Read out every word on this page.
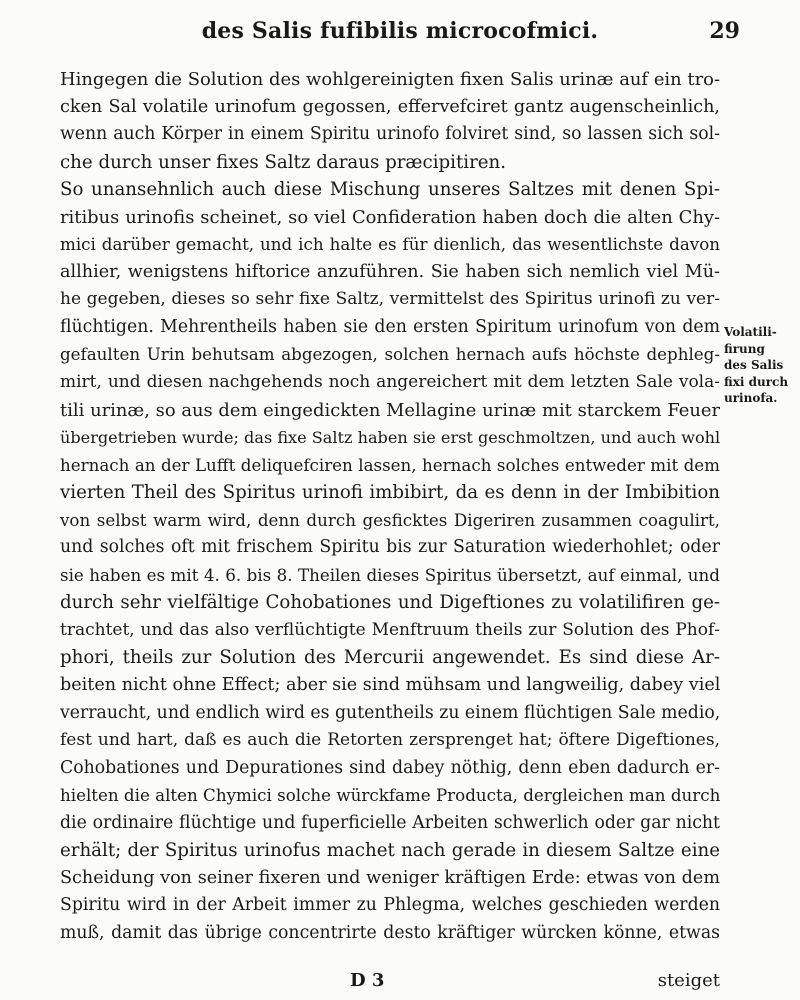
des Salis fufibilis microcofmici.	29
Hingegen die Solution des wohlgereinigten fixen Salis urinæ auf ein tro‑
cken Sal volatile urinofum gegossen, effervefciret gantz augenscheinlich,
wenn auch Körper in einem Spiritu urinofo folviret sind, so lassen sich sol‑
che durch unser fixes Saltz daraus præcipitiren.
So unansehnlich auch diese Mischung unseres Saltzes mit denen Spi‑
ritibus urinofis scheinet, so viel Confideration haben doch die alten Chy‑
mici darüber gemacht, und ich halte es für dienlich, das wesentlichste davon
allhier, wenigstens hiftorice anzuführen. Sie haben sich nemlich viel Mü‑
he gegeben, dieses so sehr fixe Saltz, vermittelst des Spiritus urinofi zu ver‑
flüchtigen. Mehrentheils haben sie den ersten Spiritum urinofum von dem
gefaulten Urin behutsam abgezogen, solchen hernach aufs höchste dephleg‑
mirt, und diesen nachgehends noch angereichert mit dem letzten Sale vola‑
tili urinæ, so aus dem eingedickten Mellagine urinæ mit starckem Feuer
übergetrieben wurde; das fixe Saltz haben sie erst geschmoltzen, und auch wohl
hernach an der Lufft deliquefciren lassen, hernach solches entweder mit dem
vierten Theil des Spiritus urinofi imbibirt, da es denn in der Imbibition
von selbst warm wird, denn durch gesficktes Digeriren zusammen coagulirt,
und solches oft mit frischem Spiritu bis zur Saturation wiederhohlet; oder
sie haben es mit 4. 6. bis 8. Theilen dieses Spiritus übersetzt, auf einmal, und
durch sehr vielfältige Cohobationes und Digeftiones zu volatilifiren ge‑
trachtet, und das also verflüchtigte Menftruum theils zur Solution des Phof‑
phori, theils zur Solution des Mercurii angewendet. Es sind diese Ar‑
beiten nicht ohne Effect; aber sie sind mühsam und langweilig, dabey viel
verraucht, und endlich wird es gutentheils zu einem flüchtigen Sale medio,
fest und hart, daß es auch die Retorten zersprenget hat; öftere Digeftiones,
Cohobationes und Depurationes sind dabey nöthig, denn eben dadurch er‑
hielten die alten Chymici solche würckfame Producta, dergleichen man durch
die ordinaire flüchtige und fuperficielle Arbeiten schwerlich oder gar nicht
erhält; der Spiritus urinofus machet nach gerade in diesem Saltze eine
Scheidung von seiner fixeren und weniger kräftigen Erde: etwas von dem
Spiritu wird in der Arbeit immer zu Phlegma, welches geschieden werden
muß, damit das übrige concentrirte desto kräftiger würcken könne, etwas
Volatili-
firung
des Salis
fixi durch
urinofa.
D 3	steiget
